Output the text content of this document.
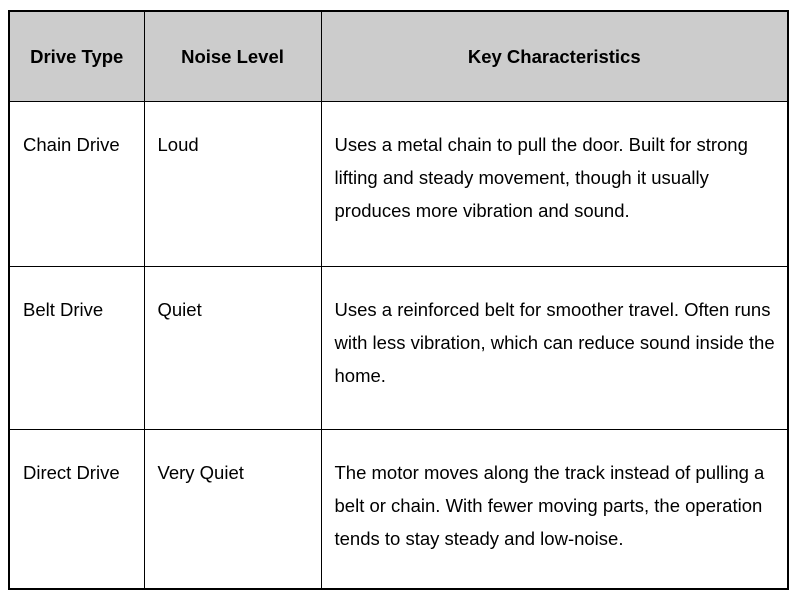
Drive Type	Noise Level	Key Characteristics
Chain Drive	Loud	Uses a metal chain to pull the door. Built for strong lifting and steady movement, though it usually produces more vibration and sound.
Belt Drive	Quiet	Uses a reinforced belt for smoother travel. Often runs with less vibration, which can reduce sound inside the home.
Direct Drive	Very Quiet	The motor moves along the track instead of pulling a belt or chain. With fewer moving parts, the operation tends to stay steady and low-noise.
